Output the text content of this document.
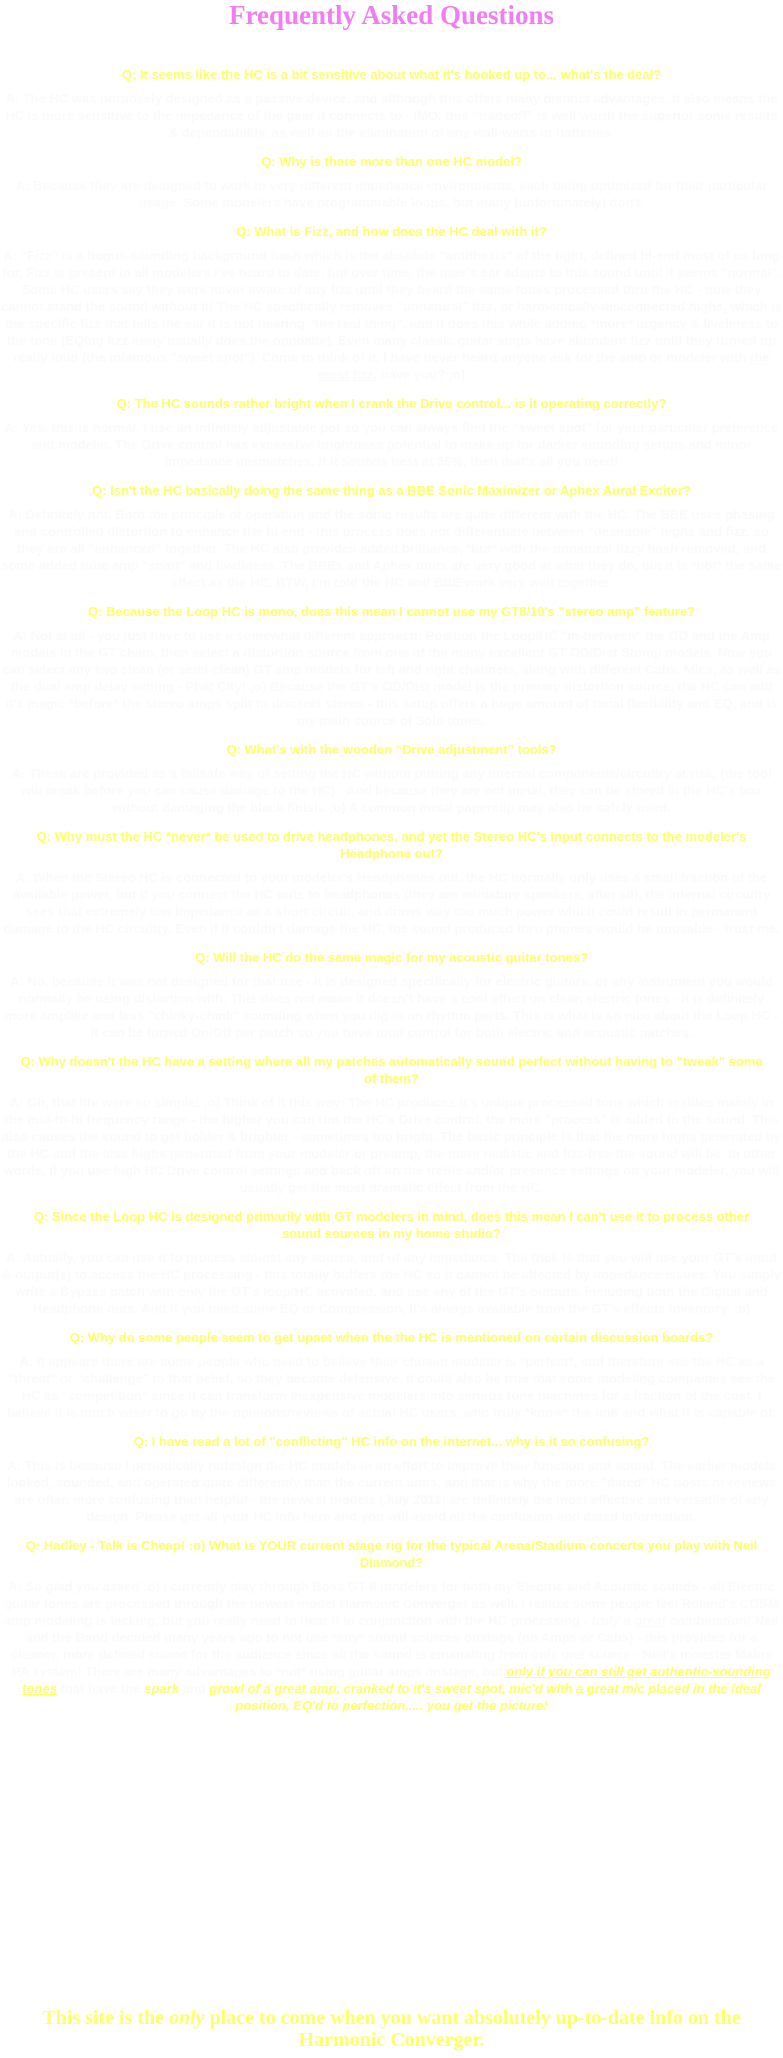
Frequently Asked Questions
Q: It seems like the HC is a bit sensitive about what it's hooked up to... what's the deal?
A: The HC was purposely designed as a passive device, and although this offers many distinct advantages, it also means the HC is more sensitive to the impedance of the gear it connects to - IMO, this “tradeoff” is well worth the superior sonic results & dependability, as well as the elimination of any wall-warts or batteries.
Q: Why is there more than one HC model?
A: Because they are designed to work in very different impedance environments, each being optimized for their particular usage. Some modelers have programmable loops, but many (unfortunately) don't.
Q: What is Fizz, and how does the HC deal with it?
A: “Fizz” is a bogus-sounding background hash which is the absolute "antithesis" of the tight, defined hi-end most of us long for. Fizz is present in all modelers I've heard to date, but over time, the user's ear adapts to this sound until it seems "normal". Some HC users say they were never aware of any fizz until they heard the same tones processed thru the HC - now they cannot stand the sound without it! The HC specifically removes "unnatural" fizz, or harmonically-disconnected highs, which is the specific fizz that tells the ear it is not hearing "the real thing", and it does this while adding *more* urgency & liveliness to the tone (EQing fizz away usually does the opposite). Even many classic guitar amps have abundant fizz until they turned up really loud (the infamous "sweet spot"). Come to think of it, I have never heard anyone ask for the amp or modeler with the most fizz, have you? ;o)
Q: The HC sounds rather bright when I crank the Drive control... is it operating correctly?
A: Yes, this is normal. I use an infinitely adjustable pot so you can always find the “sweet spot” for your particular preference and modeler. The Drive control has excessive brightness potential to make up for darker sounding setups and minor impedance mismatches. If it sounds best at 35%, then that's all you need!
Q: Isn't the HC basically doing the same thing as a BBE Sonic Maximizer or Aphex Aural Exciter?
A: Definitely not. Both the principle of operation and the sonic results are quite different with the HC. The BBE uses phasing and controlled distortion to enhance the hi end - this process does not differentiate between "desirable" highs and fizz, so they are all "enhanced" together. The HC also provides added brilliance, *but* with the unnatural fizzy hash removed, and some added tube amp "snarl" and liveliness. The BBEs and Aphex units are very good at what they do, but it is *not* the same effect as the HC. BTW, I'm told the HC and BBE work very well together.
Q: Because the Loop HC is mono, does this mean I cannot use my GT8/10's "stereo amp" feature?
A: Not at all - you just have to use a somewhat different approach: Position the Loop/HC "in-between" the OD and the Amp models in the GT chain, then select a distortion source from one of the many excellent GT OD/Dist Stomp models. Now you can select any two clean (or semi-clean) GT amp models for left and right channels, along with different Cabs, Mics, as well as the dual amp delay setting - Phat City! ;o) Because the GT's OD/Dist model is the primary distortion source, the HC can add it's magic *before* the stereo amps split to discreet stereo - this setup offers a huge amount of tonal flexibility and EQ, and is my main source of Solo tones.
Q: What's with the wooden “Drive adjustment” tools?
A: These are provided as a failsafe way of setting the HC without putting any internal components/circuitry at risk, (the tool will break before you can cause damage to the HC) - And because they are not metal, they can be stored in the HC's box without damaging the black finish. ;o) A common metal paperclip may also be safely used.
Q: Why must the HC *never* be used to drive headphones, and yet the Stereo HC's input connects to the modeler's Headphone out?
A: When the Stereo HC is connected to your modeler's Headphones out, the HC normally only uses a small fraction of the available power, but if you connect the HC outs to headphones (they are miniature speakers, after all), the internal circuitry sees that extremely low impedance as a short circuit, and draws way too much power which could result in permanent damage to the HC circuitry. Even if it couldn't damage the HC, the sound produced thru phones would be unusable - trust me.
Q: Will the HC do the same magic for my acoustic guitar tones?
A: No, because it was not designed for that use - it is designed specifically for electric guitars, or any instrument you would normally be using distortion with. This does not mean it doesn't have a cool effect on clean electric tones - it is definitely more amplike and less "chinky-chink" sounding when you dig in on rhythm parts. This is what is so nice about the Loop HC - it can be turned On/Off per patch so you have total control for both electric and acoustic patches.
Q: Why doesn't the HC have a setting where all my patches automatically sound perfect without having to "tweak" some of them?
A: Oh, that life were so simple! ;o) Think of it this way: The HC produces it's unique processed tone which resides mainly in the mid-to-hi frequency range - the higher you can run the HC's Drive control, the more "process" is added to the sound. This also causes the sound to get bolder & brighter - sometimes too bright. The basic principle is that the more highs generated by the HC and the less highs generated from your modeler or preamp, the more realistic and fizz-free the sound will be. In other words, if you use high HC Drive control settings and back off on the treble and/or presence settings on your modeler, you will usually get the most dramatic effect from the HC.
Q: Since the Loop HC is designed primarily with GT modelers in mind, does this mean I can't use it to process other sound sources in my home studio?
A: Actually, you can use it to process almost any source, and of any impedance. The trick is that you will use your GT's input & output(s) to access the HC processing - this totally buffers the HC so it cannot be affected by impedance issues. You simply write a Bypass patch with only the GT's loop/HC activated, and use any of the GT's outputs, including both the Digital and Headphone outs. And if you need some EQ or Compression, it's always available from the GT's effects inventory. ;o)
Q: Why do some people seem to get upset when the the HC is mentioned on certain discussion boards?
A: It appears there are some people who need to believe their chosen modeler is *perfect*, and therefore see the HC as a "threat" or "challenge" to that belief, so they become defensive. It could also be true that some modeling companies see the HC as "competition" since it can transform inexpensive modelers into serious tone machines for a fraction of the cost. I believe it is much wiser to go by the opinions/reviews of actual HC users, who truly *know* the unit and what it is capable of.
Q: I have read a lot of "conflicting" HC info on the internet... why is it so confusing?
A: This is because I periodically redesign the HC models in an effort to improve their function and sound. The earlier models looked, sounded, and operated quite differently than the current units, and that is why the more "dated" HC posts or reviews are often more confusing than helpful - the newest models (July 2011) are definitely the most effective and versatile of any design. Please get all your HC info here and you will avoid all the confusion and dated information.
Q: Hadley - Talk is Cheap! :o) What is YOUR current stage rig for the typical Arena/Stadium concerts you play with Neil Diamond?
A: So glad you asked :o) I currently play through Boss GT-8 modelers for both my Electric and Acoustic sounds - all Electric guitar tones are processed through the newest model Harmonic Converger as well. I realize some people feel Roland's COSM amp modeling is lacking, but you really need to hear it in conjunction with the HC processing - truly a great combination! Neil and the Band decided many years ago to not use *any* sound sources onstage (no Amps or Cabs) - this provides for a cleaner, more defined sound for the audience since all the sound is emanating from only one source - Neil's monster Mains PA system! There are many advantages to *not* using guitar amps onstage, but only if you can still get authentic-sounding tones that have the spark and growl of a great amp, cranked to it's sweet spot, mic'd with a great mic placed in the ideal position, EQ'd to perfection..... you get the picture!
This site is the only place to come when you want absolutely up-to-date info on the Harmonic Converger.
